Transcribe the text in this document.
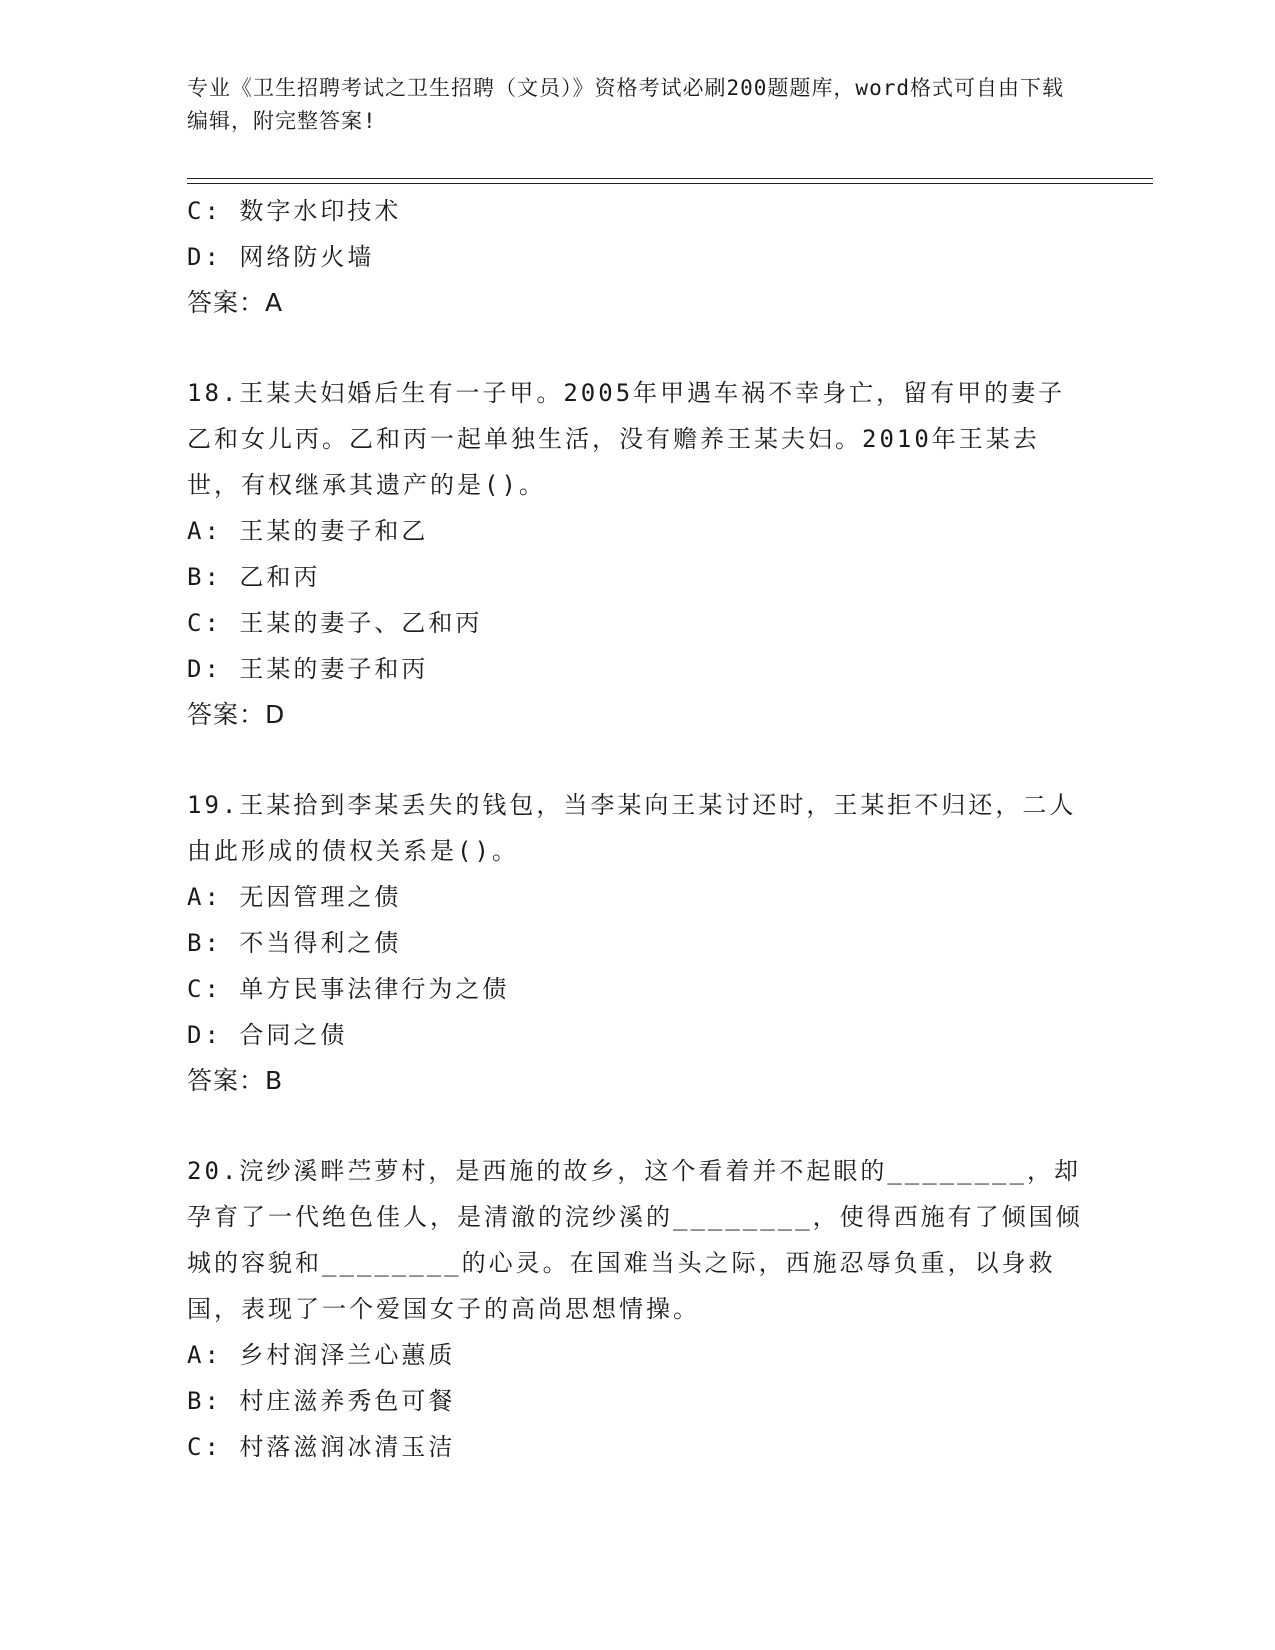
专业《卫生招聘考试之卫生招聘（文员）》资格考试必刷200题题库，word格式可自由下载编辑，附完整答案!
C: 数字水印技术
D: 网络防火墙
答案：A
18.王某夫妇婚后生有一子甲。2005年甲遇车祸不幸身亡，留有甲的妻子乙和女儿丙。乙和丙一起单独生活，没有赡养王某夫妇。2010年王某去世，有权继承其遗产的是()。
A: 王某的妻子和乙
B: 乙和丙
C: 王某的妻子、乙和丙
D: 王某的妻子和丙
答案：D
19.王某拾到李某丢失的钱包，当李某向王某讨还时，王某拒不归还，二人由此形成的债权关系是()。
A: 无因管理之债
B: 不当得利之债
C: 单方民事法律行为之债
D: 合同之债
答案：B
20.浣纱溪畔苎萝村，是西施的故乡，这个看着并不起眼的________，却孕育了一代绝色佳人，是清澈的浣纱溪的________，使得西施有了倾国倾城的容貌和________的心灵。在国难当头之际，西施忍辱负重，以身救国，表现了一个爱国女子的高尚思想情操。
A: 乡村润泽兰心蕙质
B: 村庄滋养秀色可餐
C: 村落滋润冰清玉洁
